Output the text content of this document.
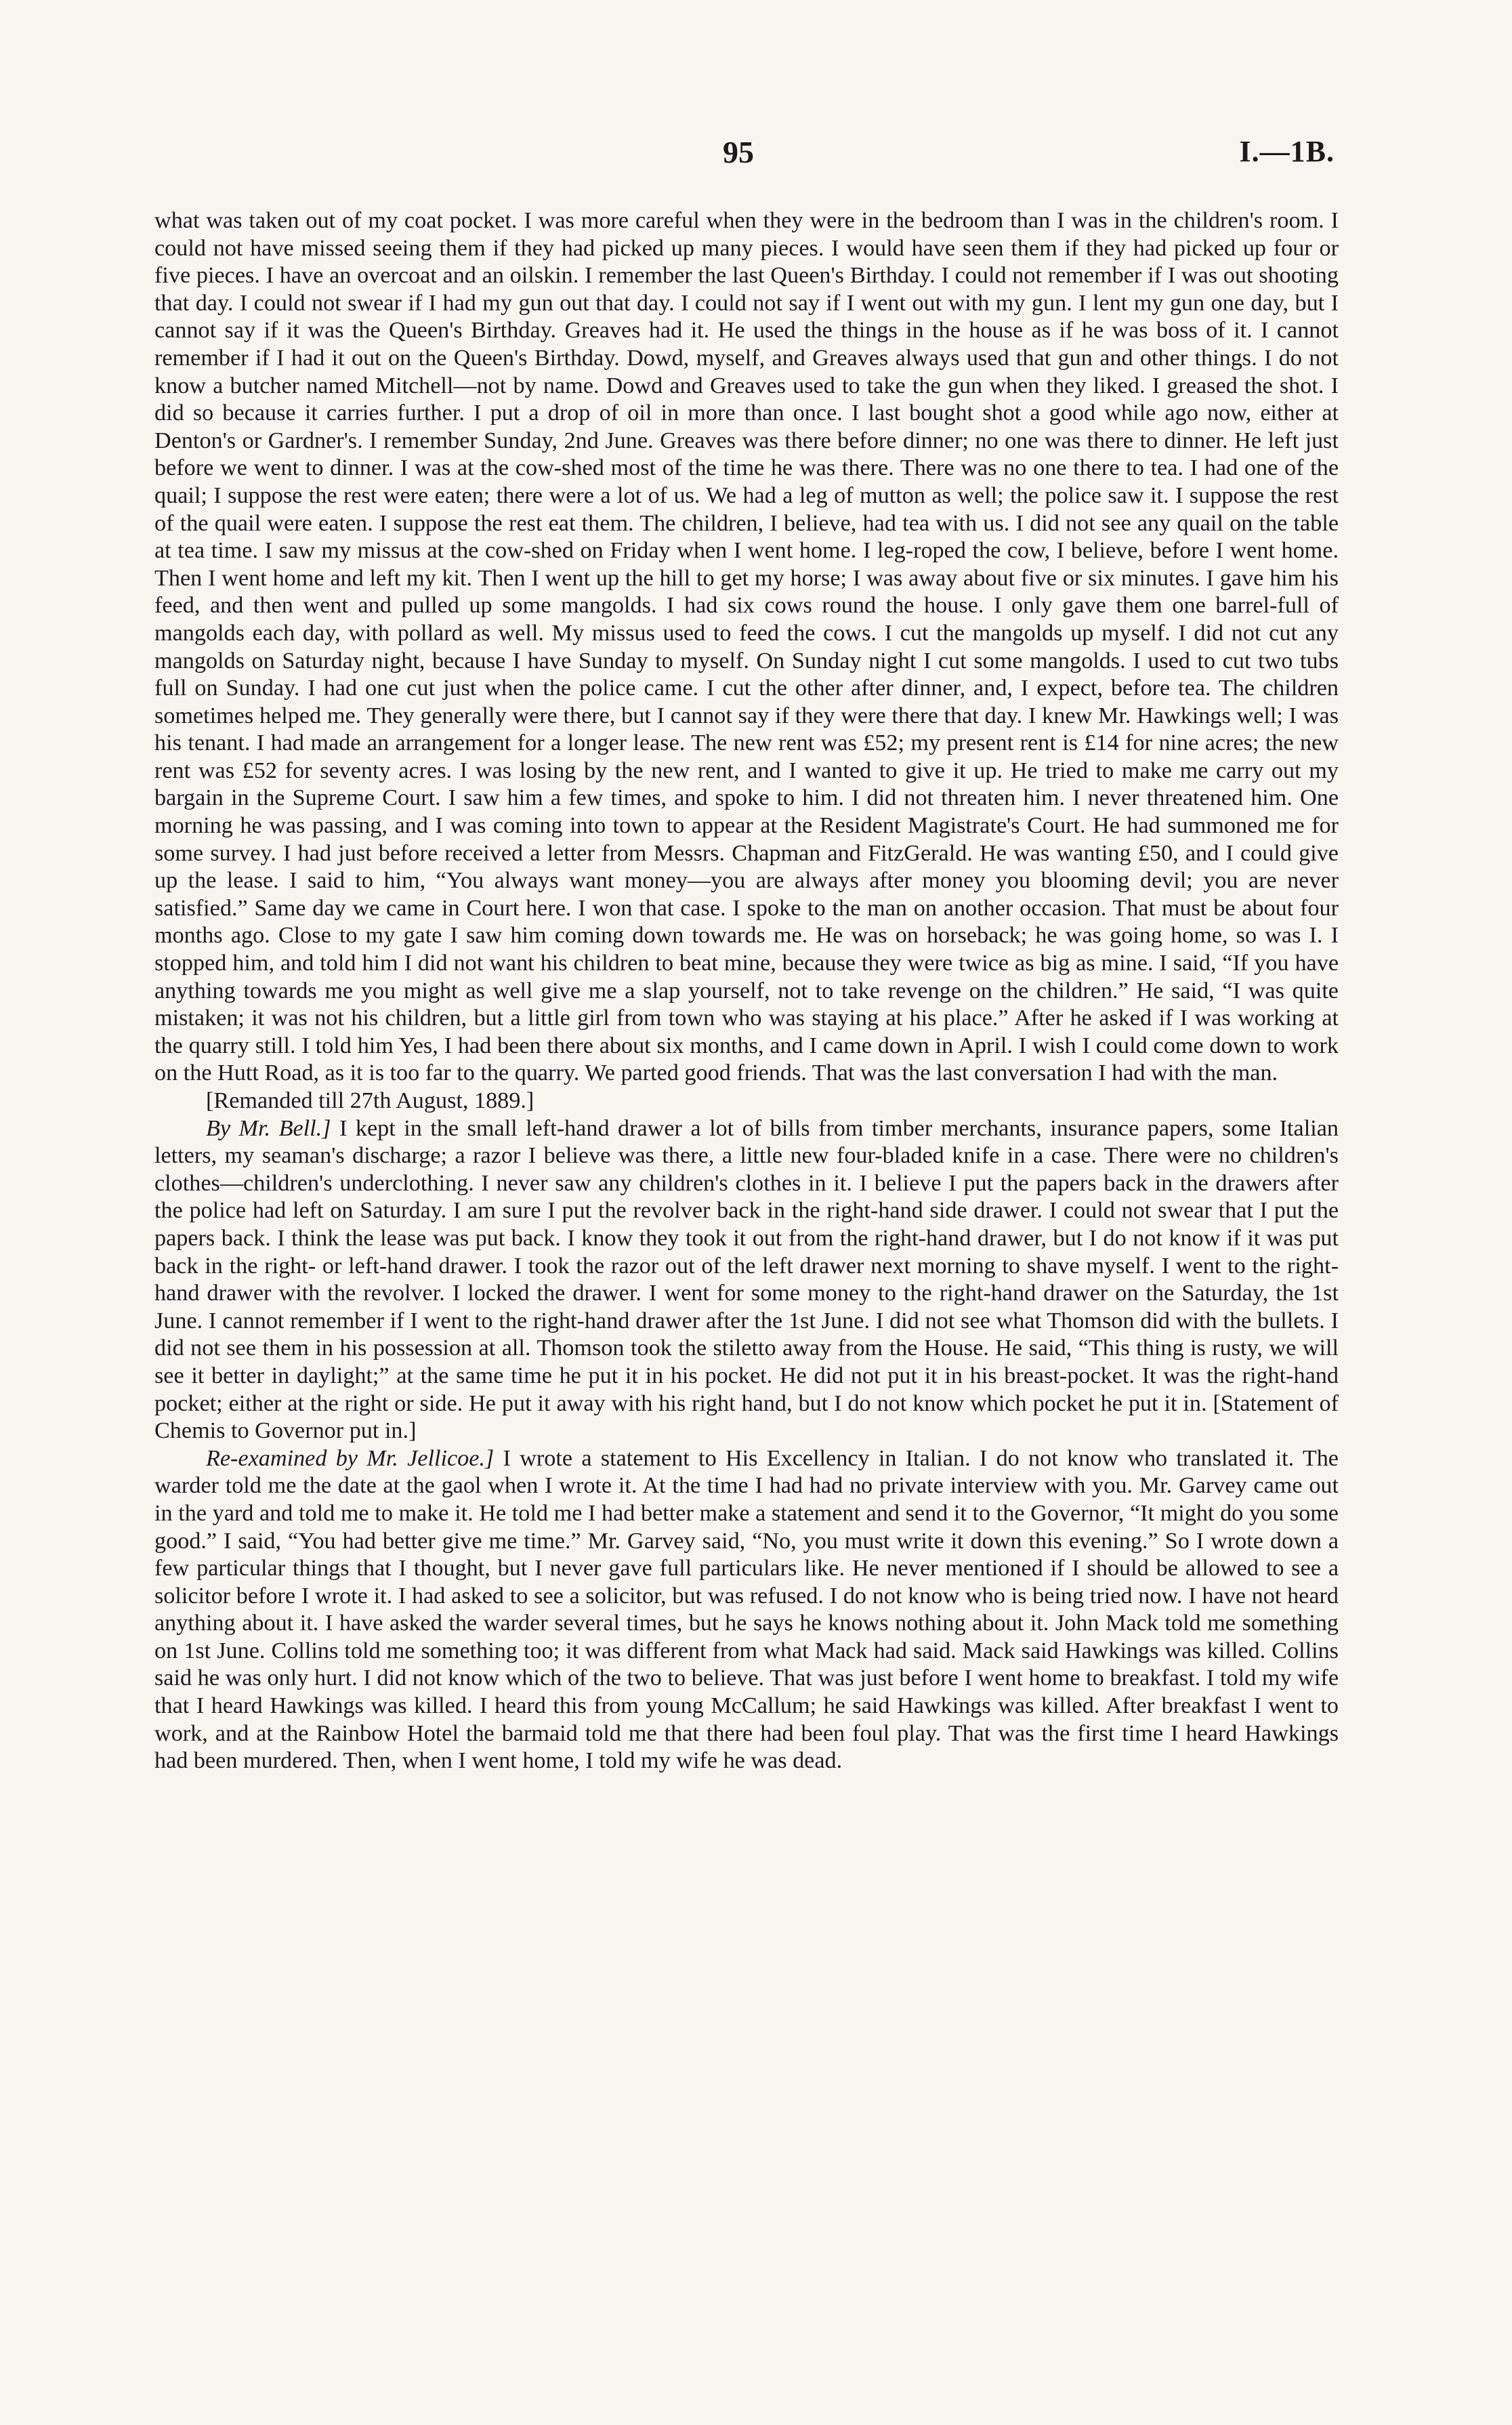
95	I.—1B.

what was taken out of my coat pocket. I was more careful when they were in the bedroom than I was in the children's room. I could not have missed seeing them if they had picked up many pieces. I would have seen them if they had picked up four or five pieces. I have an overcoat and an oilskin. I remember the last Queen's Birthday. I could not remember if I was out shooting that day. I could not swear if I had my gun out that day. I could not say if I went out with my gun. I lent my gun one day, but I cannot say if it was the Queen's Birthday. Greaves had it. He used the things in the house as if he was boss of it. I cannot remember if I had it out on the Queen's Birthday. Dowd, myself, and Greaves always used that gun and other things. I do not know a butcher named Mitchell—not by name. Dowd and Greaves used to take the gun when they liked. I greased the shot. I did so because it carries further. I put a drop of oil in more than once. I last bought shot a good while ago now, either at Denton's or Gardner's. I remember Sunday, 2nd June. Greaves was there before dinner; no one was there to dinner. He left just before we went to dinner. I was at the cow-shed most of the time he was there. There was no one there to tea. I had one of the quail; I suppose the rest were eaten; there were a lot of us. We had a leg of mutton as well; the police saw it. I suppose the rest of the quail were eaten. I suppose the rest eat them. The children, I believe, had tea with us. I did not see any quail on the table at tea time. I saw my missus at the cow-shed on Friday when I went home. I leg-roped the cow, I believe, before I went home. Then I went home and left my kit. Then I went up the hill to get my horse; I was away about five or six minutes. I gave him his feed, and then went and pulled up some mangolds. I had six cows round the house. I only gave them one barrel-full of mangolds each day, with pollard as well. My missus used to feed the cows. I cut the mangolds up myself. I did not cut any mangolds on Saturday night, because I have Sunday to myself. On Sunday night I cut some mangolds. I used to cut two tubs full on Sunday. I had one cut just when the police came. I cut the other after dinner, and, I expect, before tea. The children sometimes helped me. They generally were there, but I cannot say if they were there that day. I knew Mr. Hawkings well; I was his tenant. I had made an arrangement for a longer lease. The new rent was £52; my present rent is £14 for nine acres; the new rent was £52 for seventy acres. I was losing by the new rent, and I wanted to give it up. He tried to make me carry out my bargain in the Supreme Court. I saw him a few times, and spoke to him. I did not threaten him. I never threatened him. One morning he was passing, and I was coming into town to appear at the Resident Magistrate's Court. He had summoned me for some survey. I had just before received a letter from Messrs. Chapman and FitzGerald. He was wanting £50, and I could give up the lease. I said to him, “You always want money—you are always after money you blooming devil; you are never satisfied.” Same day we came in Court here. I won that case. I spoke to the man on another occasion. That must be about four months ago. Close to my gate I saw him coming down towards me. He was on horseback; he was going home, so was I. I stopped him, and told him I did not want his children to beat mine, because they were twice as big as mine. I said, “If you have anything towards me you might as well give me a slap yourself, not to take revenge on the children.” He said, “I was quite mistaken; it was not his children, but a little girl from town who was staying at his place.” After he asked if I was working at the quarry still. I told him Yes, I had been there about six months, and I came down in April. I wish I could come down to work on the Hutt Road, as it is too far to the quarry. We parted good friends. That was the last conversation I had with the man.

[Remanded till 27th August, 1889.]

By Mr. Bell.] I kept in the small left-hand drawer a lot of bills from timber merchants, insurance papers, some Italian letters, my seaman's discharge; a razor I believe was there, a little new four-bladed knife in a case. There were no children's clothes—children's underclothing. I never saw any children's clothes in it. I believe I put the papers back in the drawers after the police had left on Saturday. I am sure I put the revolver back in the right-hand side drawer. I could not swear that I put the papers back. I think the lease was put back. I know they took it out from the right-hand drawer, but I do not know if it was put back in the right- or left-hand drawer. I took the razor out of the left drawer next morning to shave myself. I went to the right-hand drawer with the revolver. I locked the drawer. I went for some money to the right-hand drawer on the Saturday, the 1st June. I cannot remember if I went to the right-hand drawer after the 1st June. I did not see what Thomson did with the bullets. I did not see them in his possession at all. Thomson took the stiletto away from the House. He said, “This thing is rusty, we will see it better in daylight;” at the same time he put it in his pocket. He did not put it in his breast-pocket. It was the right-hand pocket; either at the right or side. He put it away with his right hand, but I do not know which pocket he put it in. [Statement of Chemis to Governor put in.]

Re-examined by Mr. Jellicoe.] I wrote a statement to His Excellency in Italian. I do not know who translated it. The warder told me the date at the gaol when I wrote it. At the time I had had no private interview with you. Mr. Garvey came out in the yard and told me to make it. He told me I had better make a statement and send it to the Governor, “It might do you some good.” I said, “You had better give me time.” Mr. Garvey said, “No, you must write it down this evening.” So I wrote down a few particular things that I thought, but I never gave full particulars like. He never mentioned if I should be allowed to see a solicitor before I wrote it. I had asked to see a solicitor, but was refused. I do not know who is being tried now. I have not heard anything about it. I have asked the warder several times, but he says he knows nothing about it. John Mack told me something on 1st June. Collins told me something too; it was different from what Mack had said. Mack said Hawkings was killed. Collins said he was only hurt. I did not know which of the two to believe. That was just before I went home to breakfast. I told my wife that I heard Hawkings was killed. I heard this from young McCallum; he said Hawkings was killed. After breakfast I went to work, and at the Rainbow Hotel the barmaid told me that there had been foul play. That was the first time I heard Hawkings had been murdered. Then, when I went home, I told my wife he was dead.
